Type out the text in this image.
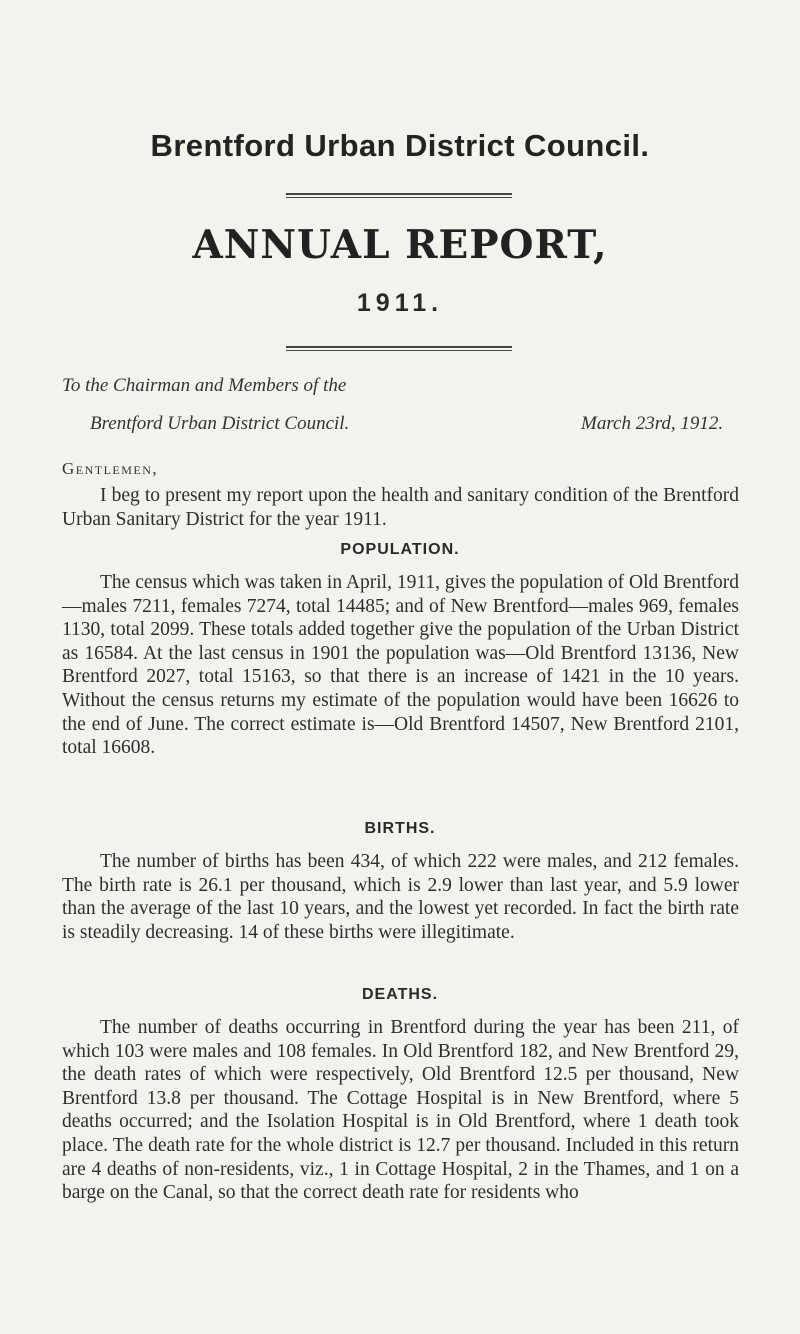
Brentford Urban District Council.
ANNUAL REPORT,
1911.
To the Chairman and Members of the
Brentford Urban District Council.	March 23rd, 1912.
Gentlemen,

I beg to present my report upon the health and sanitary condition of the Brentford Urban Sanitary District for the year 1911.

POPULATION.

The census which was taken in April, 1911, gives the population of Old Brentford—males 7211, females 7274, total 14485; and of New Brentford—males 969, females 1130, total 2099. These totals added together give the population of the Urban District as 16584. At the last census in 1901 the population was—Old Brentford 13136, New Brentford 2027, total 15163, so that there is an increase of 1421 in the 10 years. Without the census returns my estimate of the population would have been 16626 to the end of June. The correct estimate is—Old Brentford 14507, New Brentford 2101, total 16608.

BIRTHS.

The number of births has been 434, of which 222 were males, and 212 females. The birth rate is 26.1 per thousand, which is 2.9 lower than last year, and 5.9 lower than the average of the last 10 years, and the lowest yet recorded. In fact the birth rate is steadily decreasing. 14 of these births were illegitimate.

DEATHS.

The number of deaths occurring in Brentford during the year has been 211, of which 103 were males and 108 females. In Old Brentford 182, and New Brentford 29, the death rates of which were respectively, Old Brentford 12.5 per thousand, New Brentford 13.8 per thousand. The Cottage Hospital is in New Brentford, where 5 deaths occurred; and the Isolation Hospital is in Old Brentford, where 1 death took place. The death rate for the whole district is 12.7 per thousand. Included in this return are 4 deaths of non-residents, viz., 1 in Cottage Hospital, 2 in the Thames, and 1 on a barge on the Canal, so that the correct death rate for residents who
